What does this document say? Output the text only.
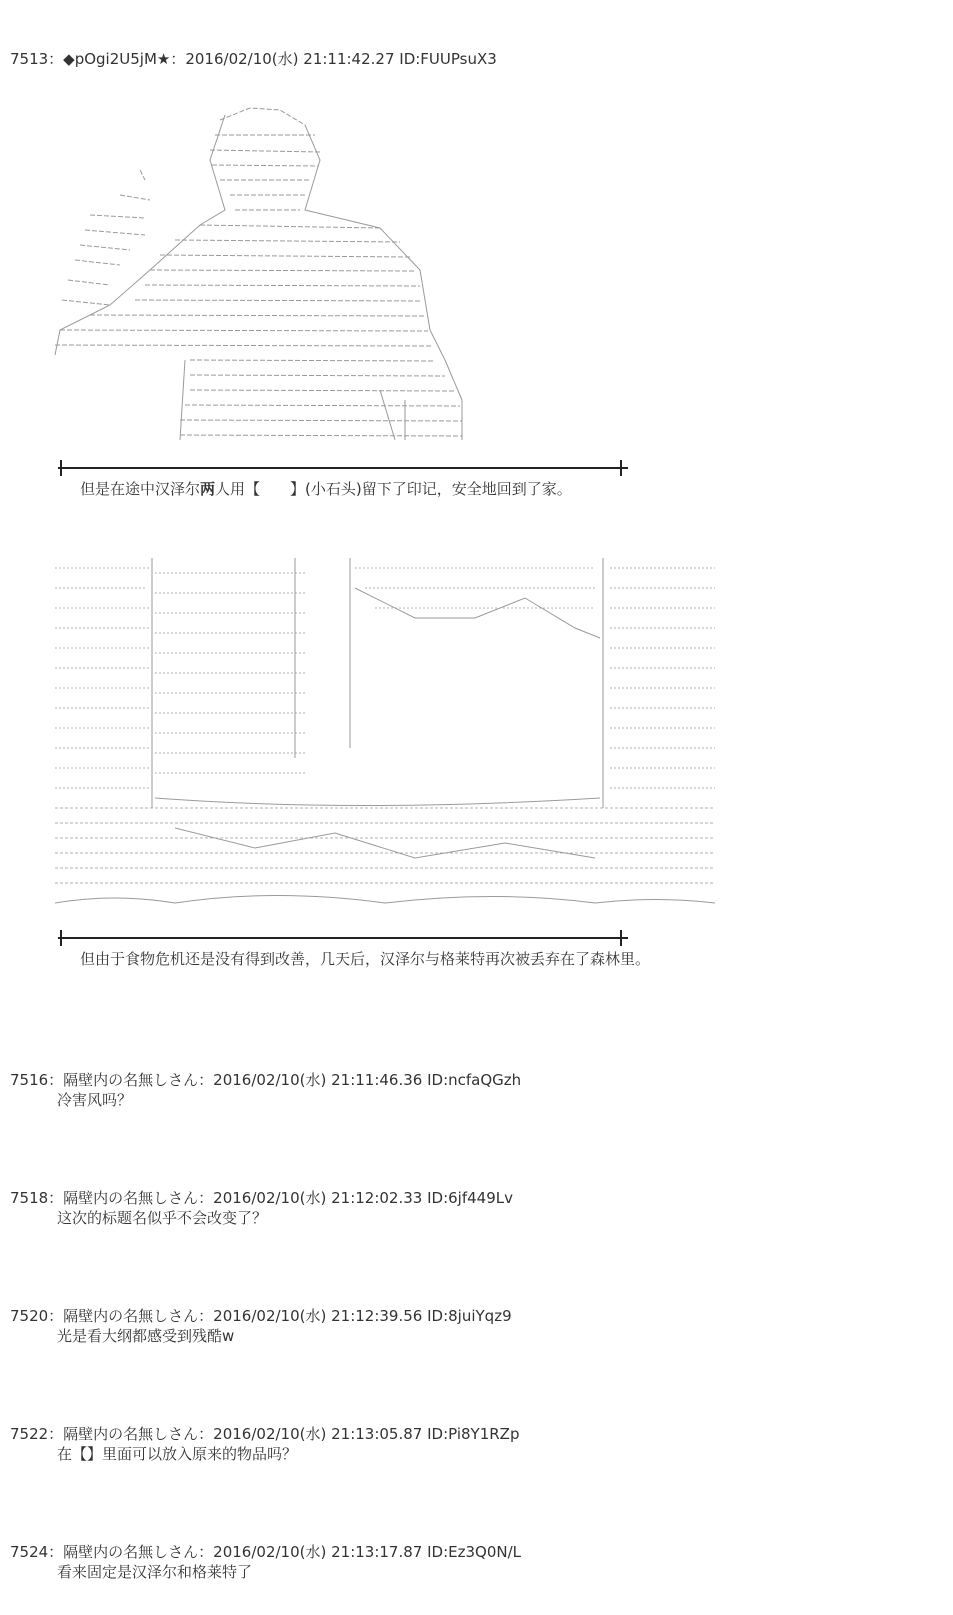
7513：◆pOgi2U5jM★：2016/02/10(水) 21:11:42.27 ID:FUUPsuX3
但是在途中汉泽尔两人用【　　】(小石头)留下了印记，安全地回到了家。
但由于食物危机还是没有得到改善，几天后，汉泽尔与格莱特再次被丢弃在了森林里。
7516：隔壁内の名無しさん：2016/02/10(水) 21:11:46.36 ID:ncfaQGzh
冷害风吗？
7518：隔壁内の名無しさん：2016/02/10(水) 21:12:02.33 ID:6jf449Lv
这次的标题名似乎不会改变了？
7520：隔壁内の名無しさん：2016/02/10(水) 21:12:39.56 ID:8juiYqz9
光是看大纲都感受到残酷w
7522：隔壁内の名無しさん：2016/02/10(水) 21:13:05.87 ID:Pi8Y1RZp
在【】里面可以放入原来的物品吗？
7524：隔壁内の名無しさん：2016/02/10(水) 21:13:17.87 ID:Ez3Q0N/L
看来固定是汉泽尔和格莱特了
